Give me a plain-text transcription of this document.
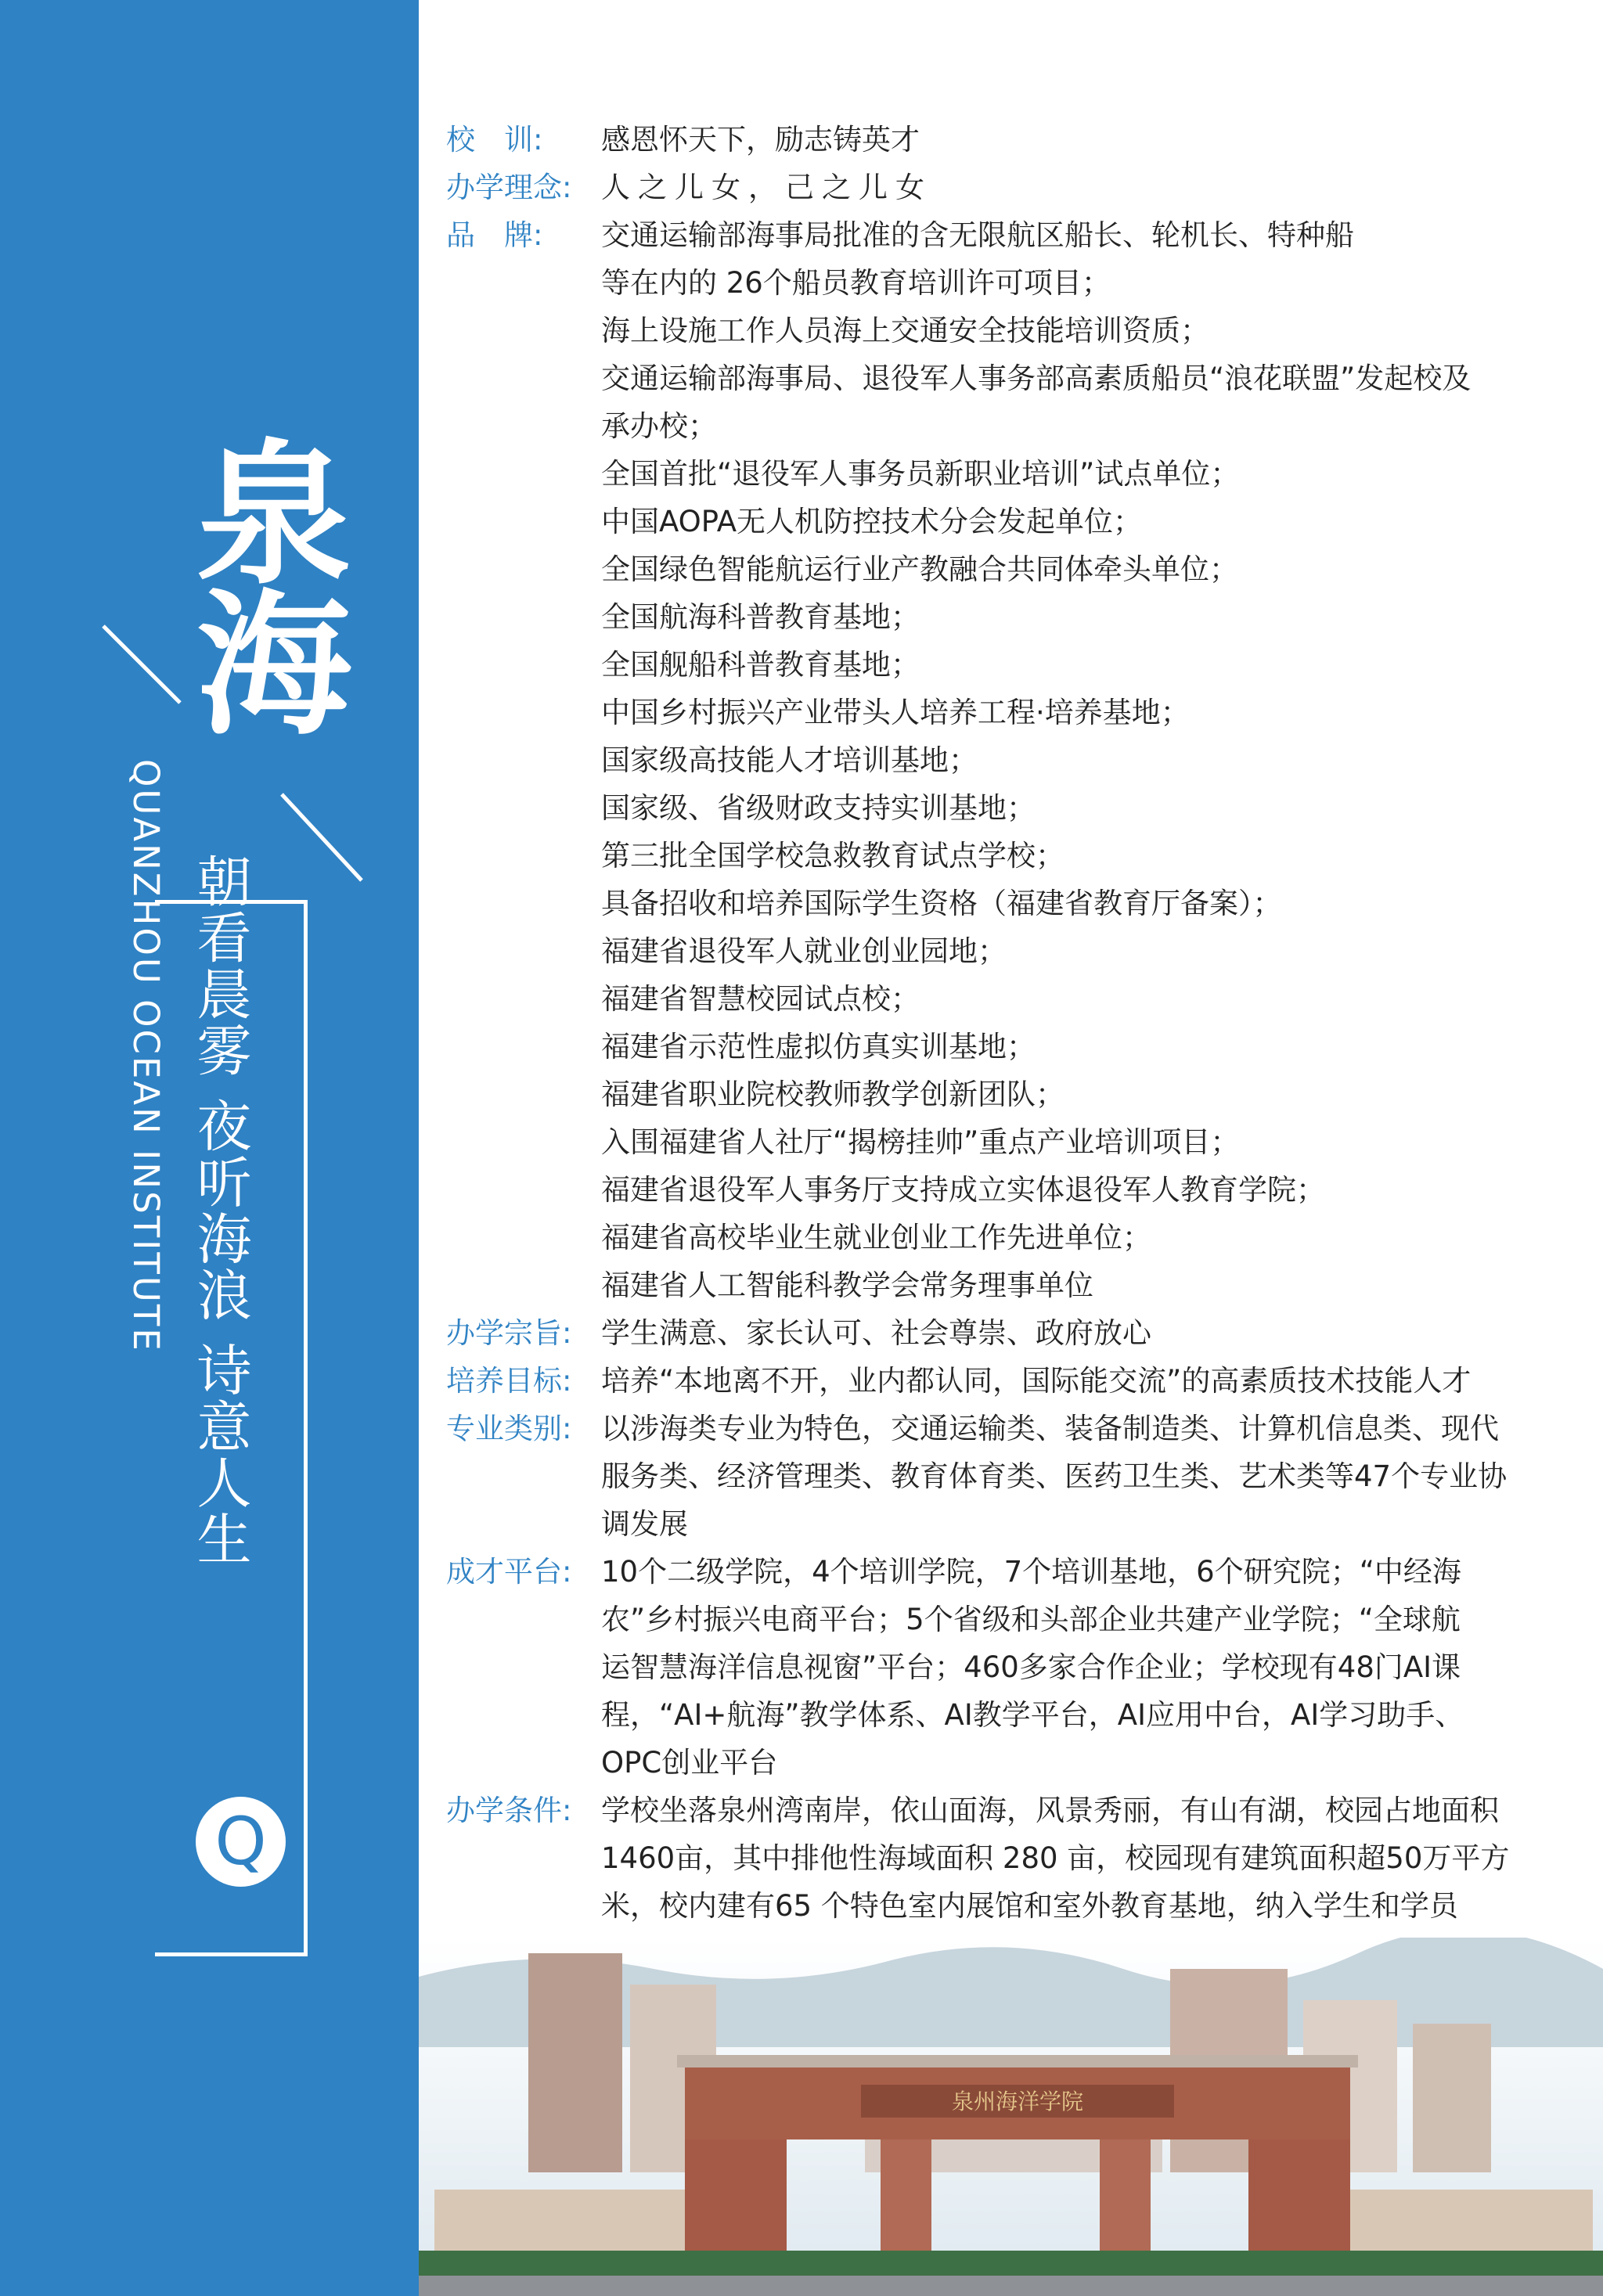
泉
海
QUANZHOU OCEAN INSTITUTE 朝看晨雾 夜听海浪 诗意人生
Q
校　训:	感恩怀天下，励志铸英才
办学理念:	人之儿女，己之儿女
品　牌:	交通运输部海事局批准的含无限航区船长、轮机长、特种船
等在内的 26个船员教育培训许可项目；
海上设施工作人员海上交通安全技能培训资质；
交通运输部海事局、退役军人事务部高素质船员“浪花联盟”发起校及
承办校；
全国首批“退役军人事务员新职业培训”试点单位；
中国AOPA无人机防控技术分会发起单位；
全国绿色智能航运行业产教融合共同体牵头单位；
全国航海科普教育基地；
全国舰船科普教育基地；
中国乡村振兴产业带头人培养工程·培养基地；
国家级高技能人才培训基地；
国家级、省级财政支持实训基地；
第三批全国学校急救教育试点学校；
具备招收和培养国际学生资格（福建省教育厅备案）；
福建省退役军人就业创业园地；
福建省智慧校园试点校；
福建省示范性虚拟仿真实训基地；
福建省职业院校教师教学创新团队；
入围福建省人社厅“揭榜挂帅”重点产业培训项目；
福建省退役军人事务厅支持成立实体退役军人教育学院；
福建省高校毕业生就业创业工作先进单位；
福建省人工智能科教学会常务理事单位
办学宗旨:	学生满意、家长认可、社会尊崇、政府放心
培养目标:	培养“本地离不开，业内都认同，国际能交流”的高素质技术技能人才
专业类别:	以涉海类专业为特色，交通运输类、装备制造类、计算机信息类、现代
服务类、经济管理类、教育体育类、医药卫生类、艺术类等47个专业协
调发展
成才平台:	10个二级学院，4个培训学院，7个培训基地，6个研究院；“中经海
农”乡村振兴电商平台；5个省级和头部企业共建产业学院；“全球航
运智慧海洋信息视窗”平台；460多家合作企业；学校现有48门AI课
程，“AI+航海”教学体系、AI教学平台，AI应用中台，AI学习助手、
OPC创业平台
办学条件:	学校坐落泉州湾南岸，依山面海，风景秀丽，有山有湖，校园占地面积
1460亩，其中排他性海域面积 280 亩，校园现有建筑面积超50万平方
米，校内建有65 个特色室内展馆和室外教育基地，纳入学生和学员
泉州海洋学院
